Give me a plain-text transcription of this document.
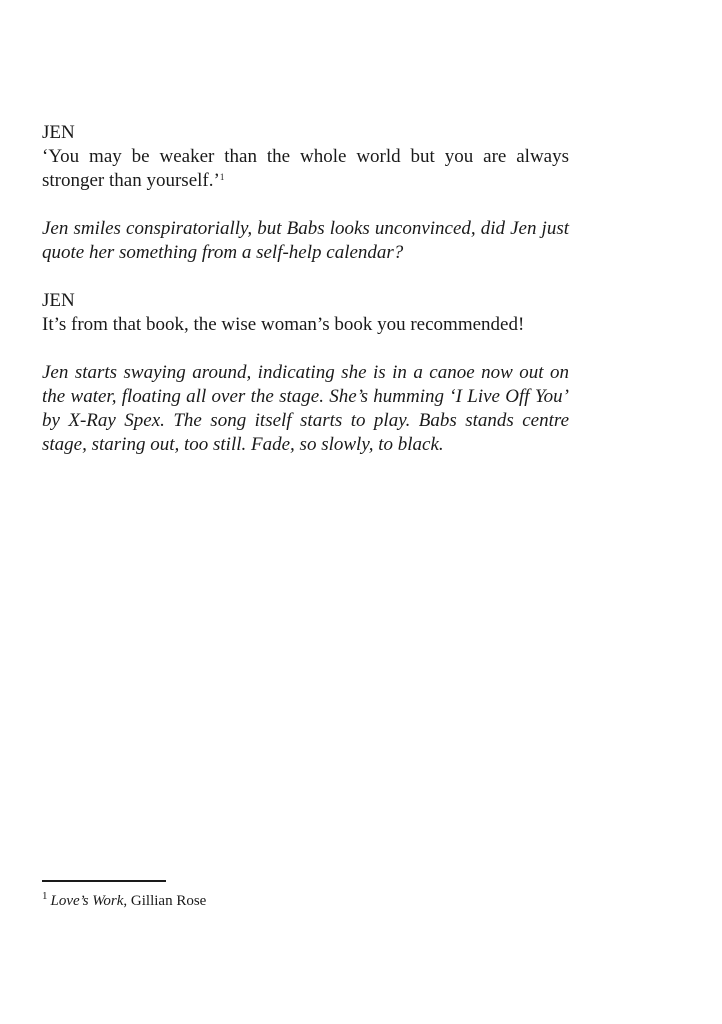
JEN
‘You may be weaker than the whole world but you are always stronger than yourself.’$^1$
Jen smiles conspiratorially, but Babs looks unconvinced, did Jen just quote her something from a self-help calendar?
JEN
It’s from that book, the wise woman’s book you recommended!
Jen starts swaying around, indicating she is in a canoe now out on the water, floating all over the stage. She’s humming ‘I Live Off You’ by X-Ray Spex. The song itself starts to play. Babs stands centre stage, staring out, too still. Fade, so slowly, to black.
$^1$ Love’s Work, Gillian Rose
